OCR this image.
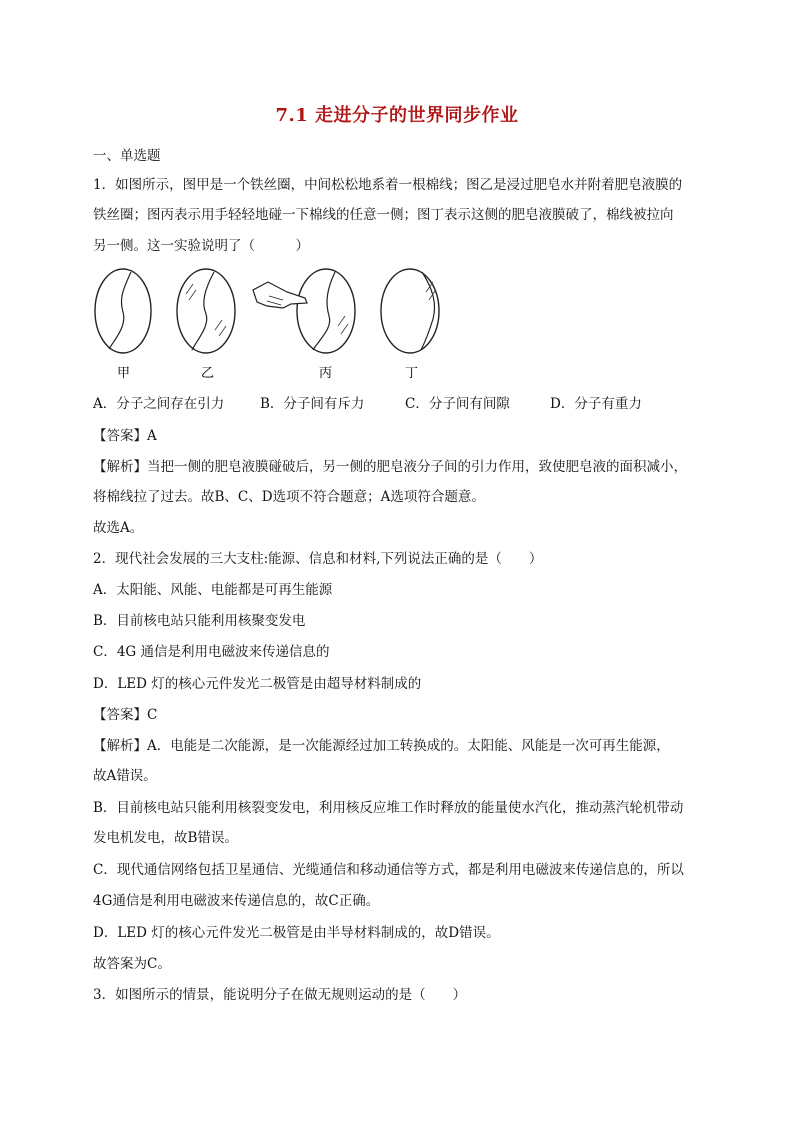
7.1 走进分子的世界同步作业
一、单选题
1．如图所示，图甲是一个铁丝圈，中间松松地系着一根棉线；图乙是浸过肥皂水并附着肥皂液膜的
铁丝圈；图丙表示用手轻轻地碰一下棉线的任意一侧；图丁表示这侧的肥皂液膜破了，棉线被拉向
另一侧。这一实验说明了（　　　）
甲	乙	丙	丁
A．分子之间存在引力	B．分子间有斥力	C．分子间有间隙	D．分子有重力
【答案】A
【解析】当把一侧的肥皂液膜碰破后，另一侧的肥皂液分子间的引力作用，致使肥皂液的面积减小，
将棉线拉了过去。故B、C、D选项不符合题意；A选项符合题意。
故选A。
2．现代社会发展的三大支柱:能源、信息和材料,下列说法正确的是（　　）
A．太阳能、风能、电能都是可再生能源
B．目前核电站只能利用核聚变发电
C．4G 通信是利用电磁波来传递信息的
D．LED 灯的核心元件发光二极管是由超导材料制成的
【答案】C
【解析】A．电能是二次能源，是一次能源经过加工转换成的。太阳能、风能是一次可再生能源，
故A错误。
B．目前核电站只能利用核裂变发电，利用核反应堆工作时释放的能量使水汽化，推动蒸汽轮机带动
发电机发电，故B错误。
C．现代通信网络包括卫星通信、光缆通信和移动通信等方式，都是利用电磁波来传递信息的，所以
4G通信是利用电磁波来传递信息的，故C正确。
D．LED 灯的核心元件发光二极管是由半导材料制成的，故D错误。
故答案为C。
3．如图所示的情景，能说明分子在做无规则运动的是（　　）
